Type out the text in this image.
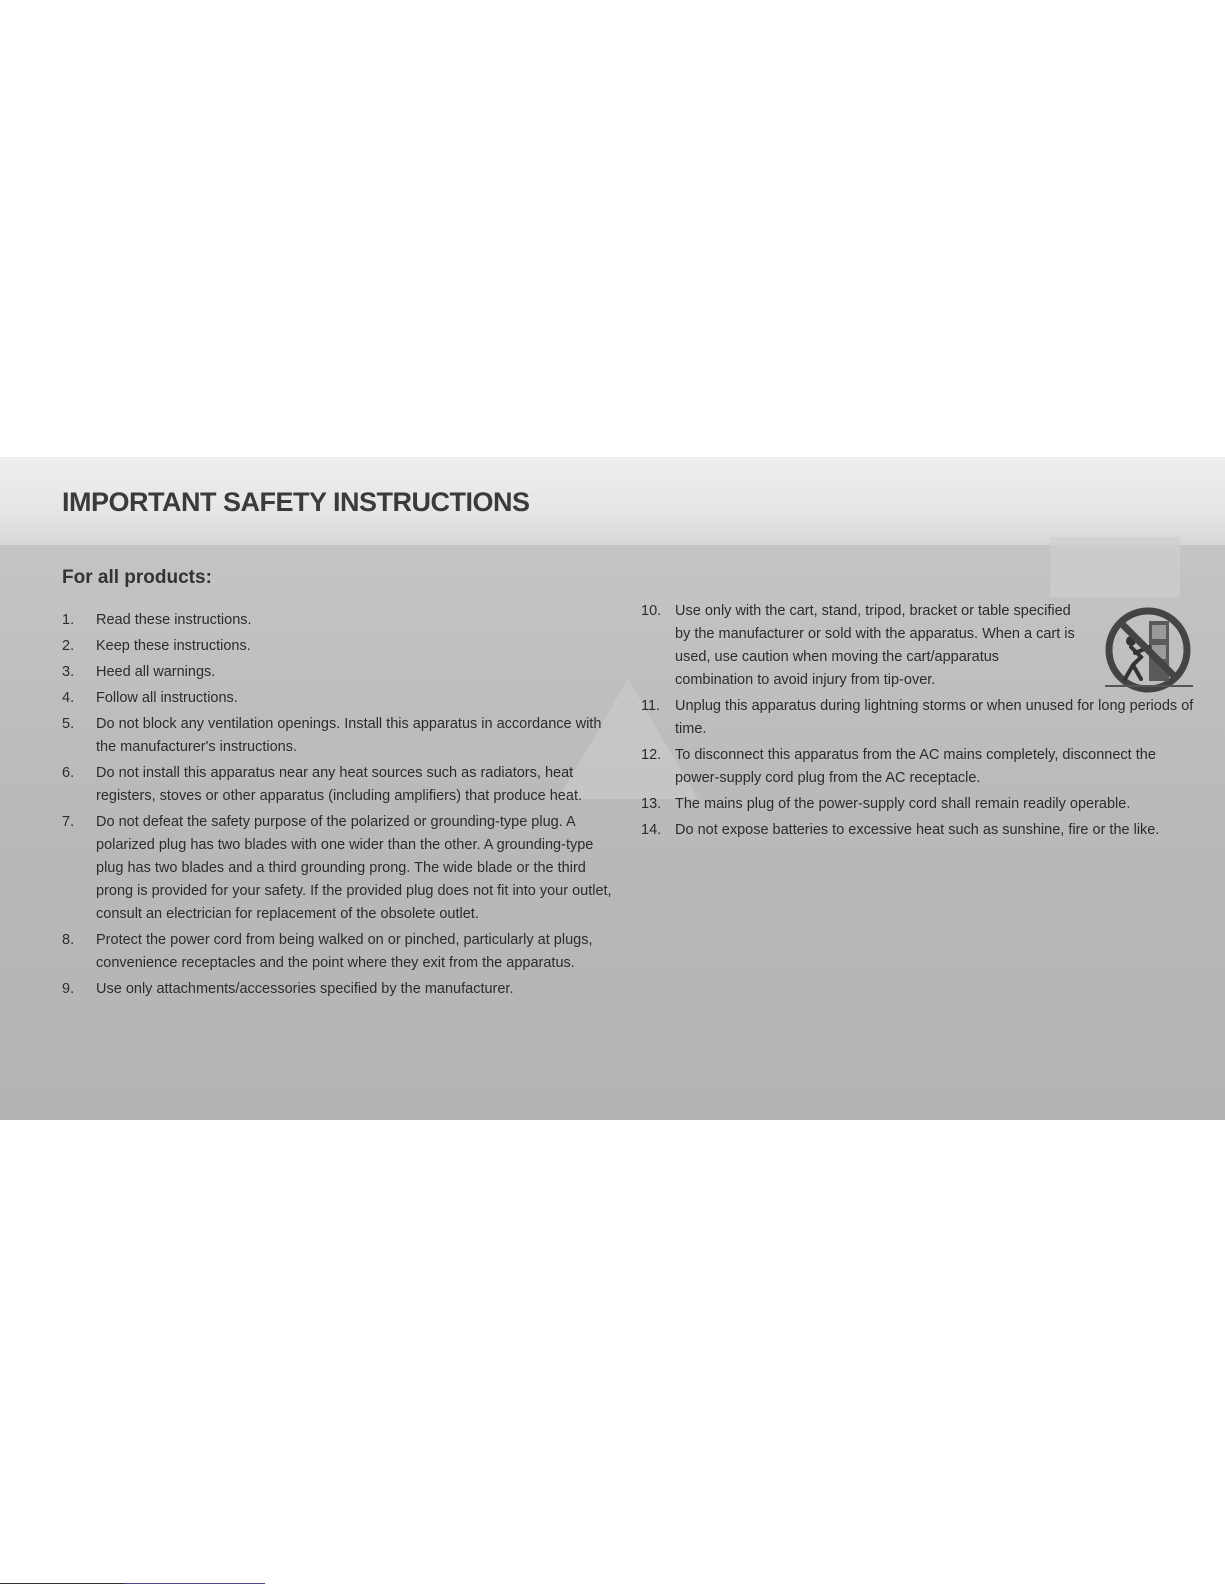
IMPORTANT SAFETY INSTRUCTIONS
For all products:
1. Read these instructions.
2. Keep these instructions.
3. Heed all warnings.
4. Follow all instructions.
5. Do not block any ventilation openings. Install this apparatus in accordance with the manufacturer's instructions.
6. Do not install this apparatus near any heat sources such as radiators, heat registers, stoves or other apparatus (including amplifiers) that produce heat.
7. Do not defeat the safety purpose of the polarized or grounding-type plug. A polarized plug has two blades with one wider than the other. A grounding-type plug has two blades and a third grounding prong. The wide blade or the third prong is provided for your safety. If the provided plug does not fit into your outlet, consult an electrician for replacement of the obsolete outlet.
8. Protect the power cord from being walked on or pinched, particularly at plugs, convenience receptacles and the point where they exit from the apparatus.
9. Use only attachments/accessories specified by the manufacturer.
10. Use only with the cart, stand, tripod, bracket or table specified by the manufacturer or sold with the apparatus. When a cart is used, use caution when moving the cart/apparatus combination to avoid injury from tip-over.
11. Unplug this apparatus during lightning storms or when unused for long periods of time.
12. To disconnect this apparatus from the AC mains completely, disconnect the power-supply cord plug from the AC receptacle.
13. The mains plug of the power-supply cord shall remain readily operable.
14. Do not expose batteries to excessive heat such as sunshine, fire or the like.
